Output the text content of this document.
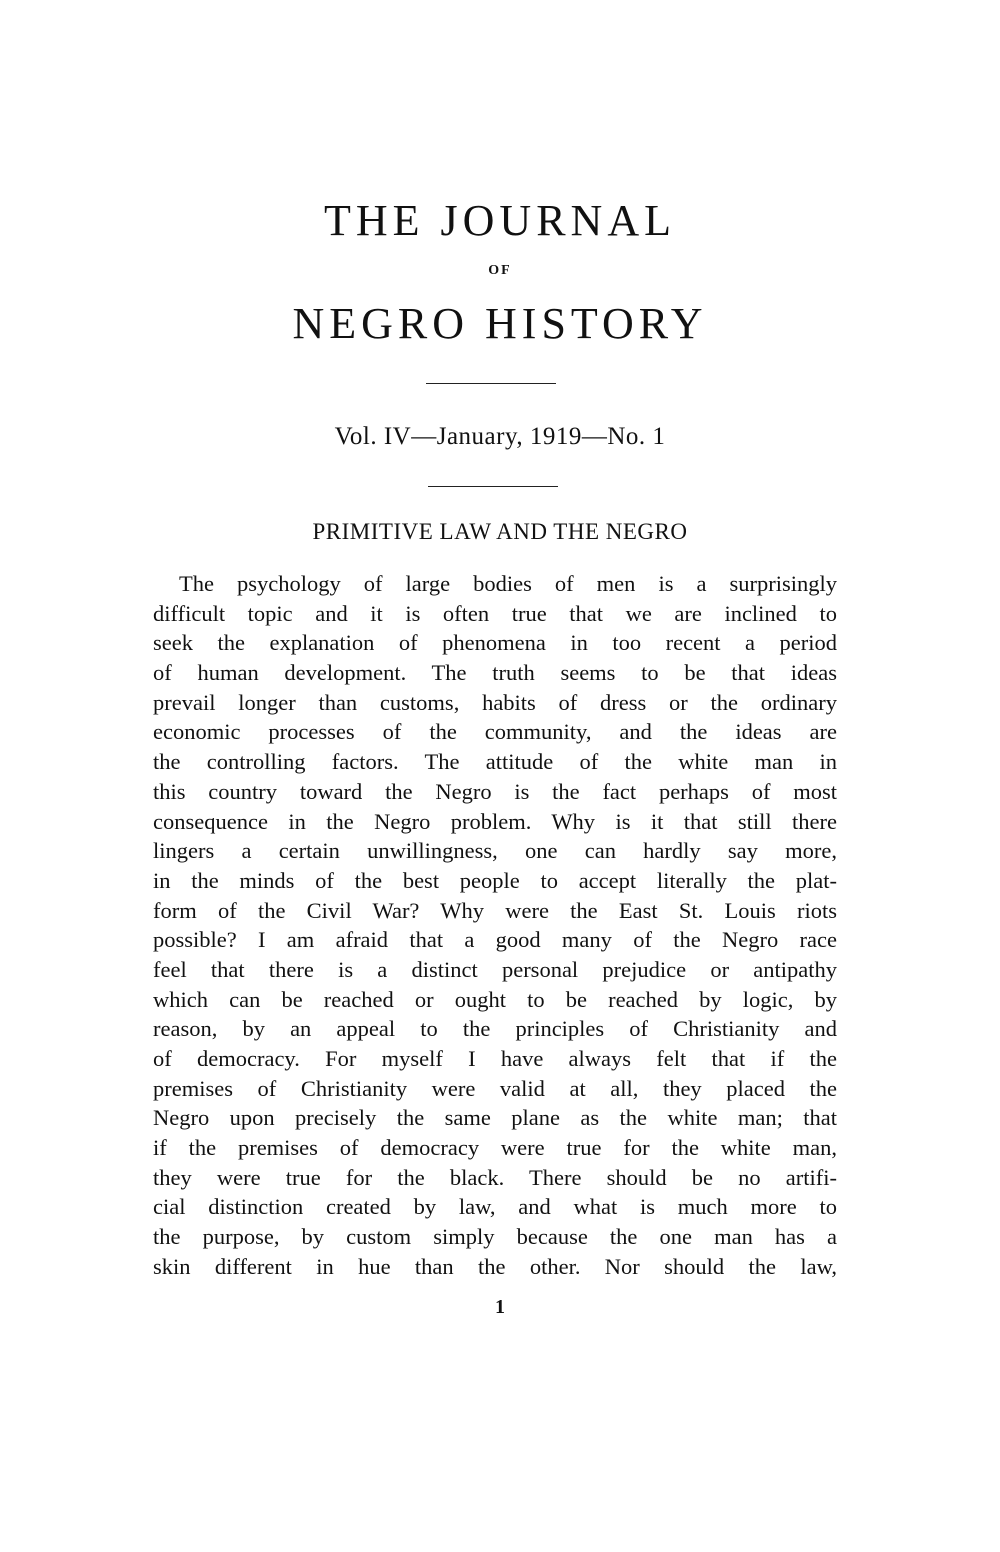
THE JOURNAL
OF
NEGRO HISTORY
Vol. IV—January, 1919—No. 1
PRIMITIVE LAW AND THE NEGRO
The psychology of large bodies of men is a surprisingly
difficult topic and it is often true that we are inclined to
seek the explanation of phenomena in too recent a period
of human development. The truth seems to be that ideas
prevail longer than customs, habits of dress or the ordinary
economic processes of the community, and the ideas are
the controlling factors. The attitude of the white man in
this country toward the Negro is the fact perhaps of most
consequence in the Negro problem. Why is it that still there
lingers a certain unwillingness, one can hardly say more,
in the minds of the best people to accept literally the plat-
form of the Civil War? Why were the East St. Louis riots
possible? I am afraid that a good many of the Negro race
feel that there is a distinct personal prejudice or antipathy
which can be reached or ought to be reached by logic, by
reason, by an appeal to the principles of Christianity and
of democracy. For myself I have always felt that if the
premises of Christianity were valid at all, they placed the
Negro upon precisely the same plane as the white man; that
if the premises of democracy were true for the white man,
they were true for the black. There should be no artifi-
cial distinction created by law, and what is much more to
the purpose, by custom simply because the one man has a
skin different in hue than the other. Nor should the law,
1
